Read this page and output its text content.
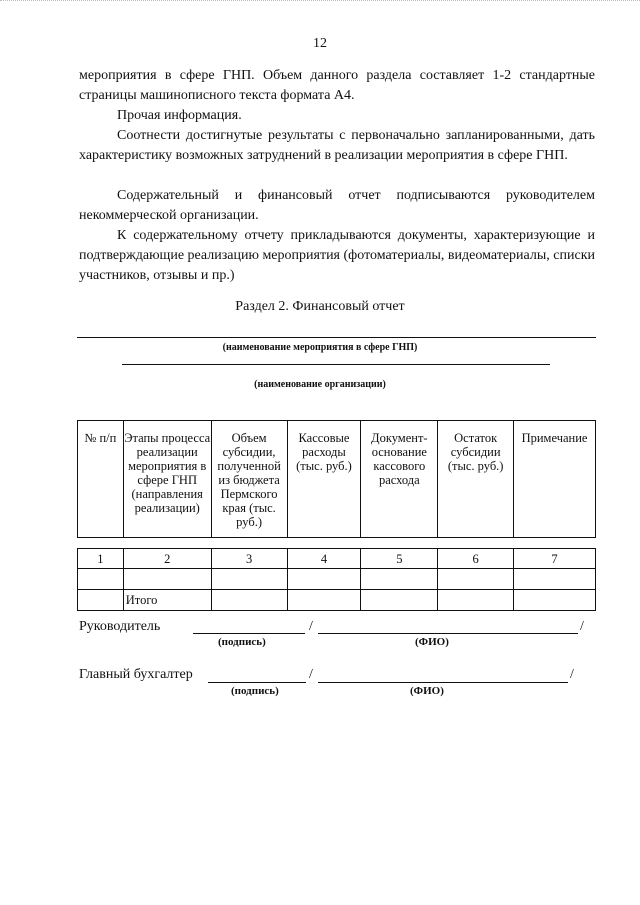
12

мероприятия в сфере ГНП. Объем данного раздела составляет 1-2 стандартные страницы машинописного текста формата А4.

Прочая информация.

Соотнести достигнутые результаты с первоначально запланированными, дать характеристику возможных затруднений в реализации мероприятия в сфере ГНП.

Содержательный и финансовый отчет подписываются руководителем некоммерческой организации.

К содержательному отчету прикладываются документы, характеризующие и подтверждающие реализацию мероприятия (фотоматериалы, видеоматериалы, списки участников, отзывы и пр.)

Раздел 2. Финансовый отчет
(наименование мероприятия в сфере ГНП)
(наименование организации)
№ п/п	Этапы процесса реализации мероприятия в сфере ГНП (направления реализации)	Объем субсидии, полученной из бюджета Пермского края (тыс. руб.)	Кассовые расходы (тыс. руб.)	Документ-основание кассового расхода	Остаток субсидии (тыс. руб.)	Примечание

1	2	3	4	5	6	7

	Итого					
Руководитель	/	/
(подпись)	(ФИО)
Главный бухгалтер	/	/
(подпись)	(ФИО)
